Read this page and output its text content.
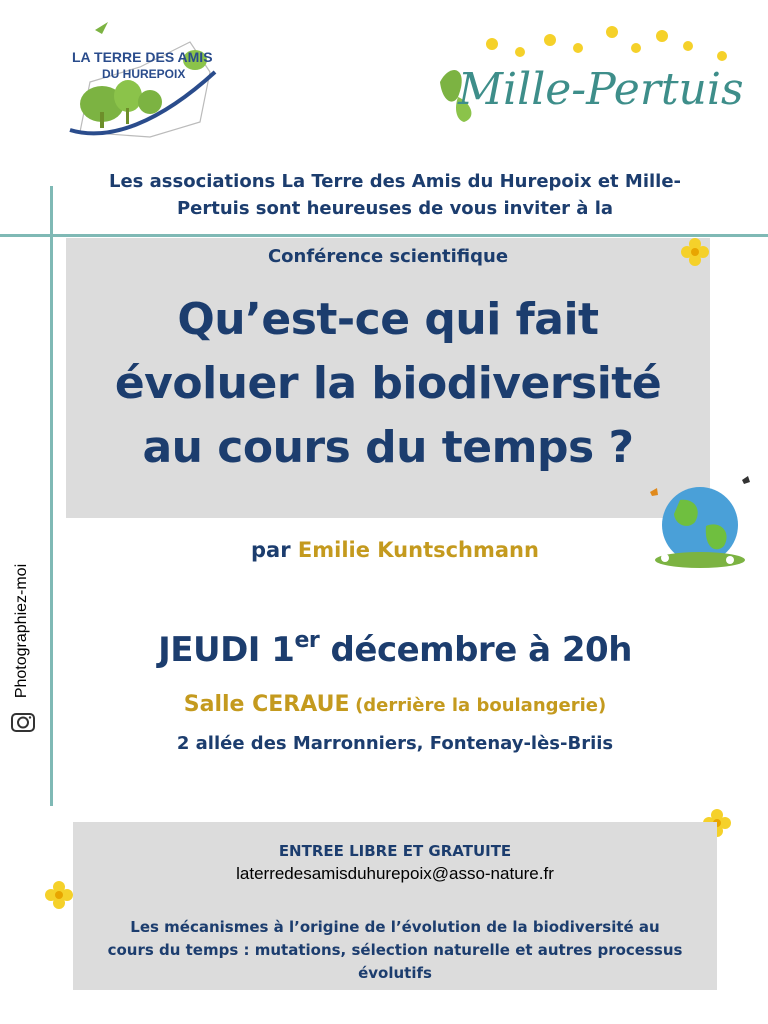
LA TERRE DES AMIS
DU HUREPOIX	Mille-Pertuis
Les associations La Terre des Amis du Hurepoix et Mille-
Pertuis sont heureuses de vous inviter à la
Conférence scientifique
Qu’est-ce qui fait
évoluer la biodiversité
au cours du temps ?
par Emilie Kuntschmann
JEUDI 1er décembre à 20h
Salle CERAUE (derrière la boulangerie)
2 allée des Marronniers, Fontenay-lès-Briis
Photographiez-moi
ENTREE LIBRE ET GRATUITE
laterredesamisduhurepoix@asso-nature.fr
Les mécanismes à l’origine de l’évolution de la biodiversité au
cours du temps : mutations, sélection naturelle et autres processus
évolutifs
